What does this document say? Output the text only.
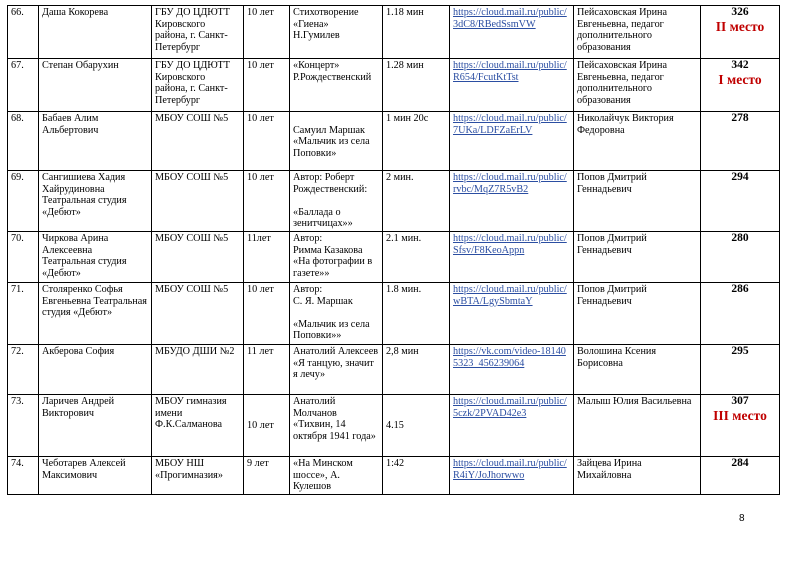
66.	Даша Кокорева	ГБУ ДО ЦДЮТТ Кировского района, г. Санкт-Петербург	10 лет	Стихотворение «Гиена»
Н.Гумилев	1.18 мин	https://cloud.mail.ru/public/3dC8/RBedSsmVW	Пейсаховская Ирина Евгеньевна, педагог дополнительного образования	326
II место

67.	Степан Обарухин	ГБУ ДО ЦДЮТТ Кировского района, г. Санкт-Петербург	10 лет	«Концерт»
Р.Рождественский	1.28 мин	https://cloud.mail.ru/public/R654/FcutKtTst	Пейсаховская Ирина Евгеньевна, педагог дополнительного образования	342
I место

68.	Бабаев Алим Альбертович	МБОУ СОШ №5	10 лет	
Самуил Маршак
«Мальчик из села Поповки»	1 мин 20с	https://cloud.mail.ru/public/7UKa/LDFZaErLV	Николайчук Виктория Федоровна	278
69.	Сангишиева Хадия Хайрудиновна Театральная студия «Дебют»	МБОУ СОШ №5	10 лет	Автор: Роберт Рождественский:

«Баллада о зенитчицах»»	2 мин.	https://cloud.mail.ru/public/rvbc/MqZ7R5vB2	Попов Дмитрий Геннадьевич	294
70.	Чиркова Арина Алексеевна Театральная студия «Дебют»	МБОУ СОШ №5	11лет	Автор:
Римма Казакова
«На фотографии в газете»»	2.1 мин.	https://cloud.mail.ru/public/Sfsv/F8KeoAppn	Попов Дмитрий Геннадьевич	280
71.	Столяренко Софья Евгеньевна Театральная студия «Дебют»	МБОУ СОШ №5	10 лет	Автор:
С. Я. Маршак

«Мальчик из села Поповки»»	1.8 мин.	https://cloud.mail.ru/public/wBTA/LgySbmtaY	Попов Дмитрий Геннадьевич	286
72.	Акберова София	МБУДО ДШИ №2	11 лет	Анатолий Алексеев
«Я танцую, значит я лечу»	2,8 мин	https://vk.com/video-181405323_456239064	Волошина Ксения Борисовна	295
73.	Ларичев Андрей Викторович	МБОУ гимназия имени Ф.К.Салманова	10 лет	Анатолий Молчанов «Тихвин, 14 октября 1941 года»	4.15	https://cloud.mail.ru/public/5czk/2PVAD42e3	Малыш Юлия Васильевна	307
III место

74.	Чеботарев Алексей Максимович	МБОУ НШ «Прогимназия»	9 лет	«На Минском шоссе», А. Кулешов	1:42	https://cloud.mail.ru/public/R4iY/JoJhorwwo	Зайцева Ирина Михайловна	284
8
